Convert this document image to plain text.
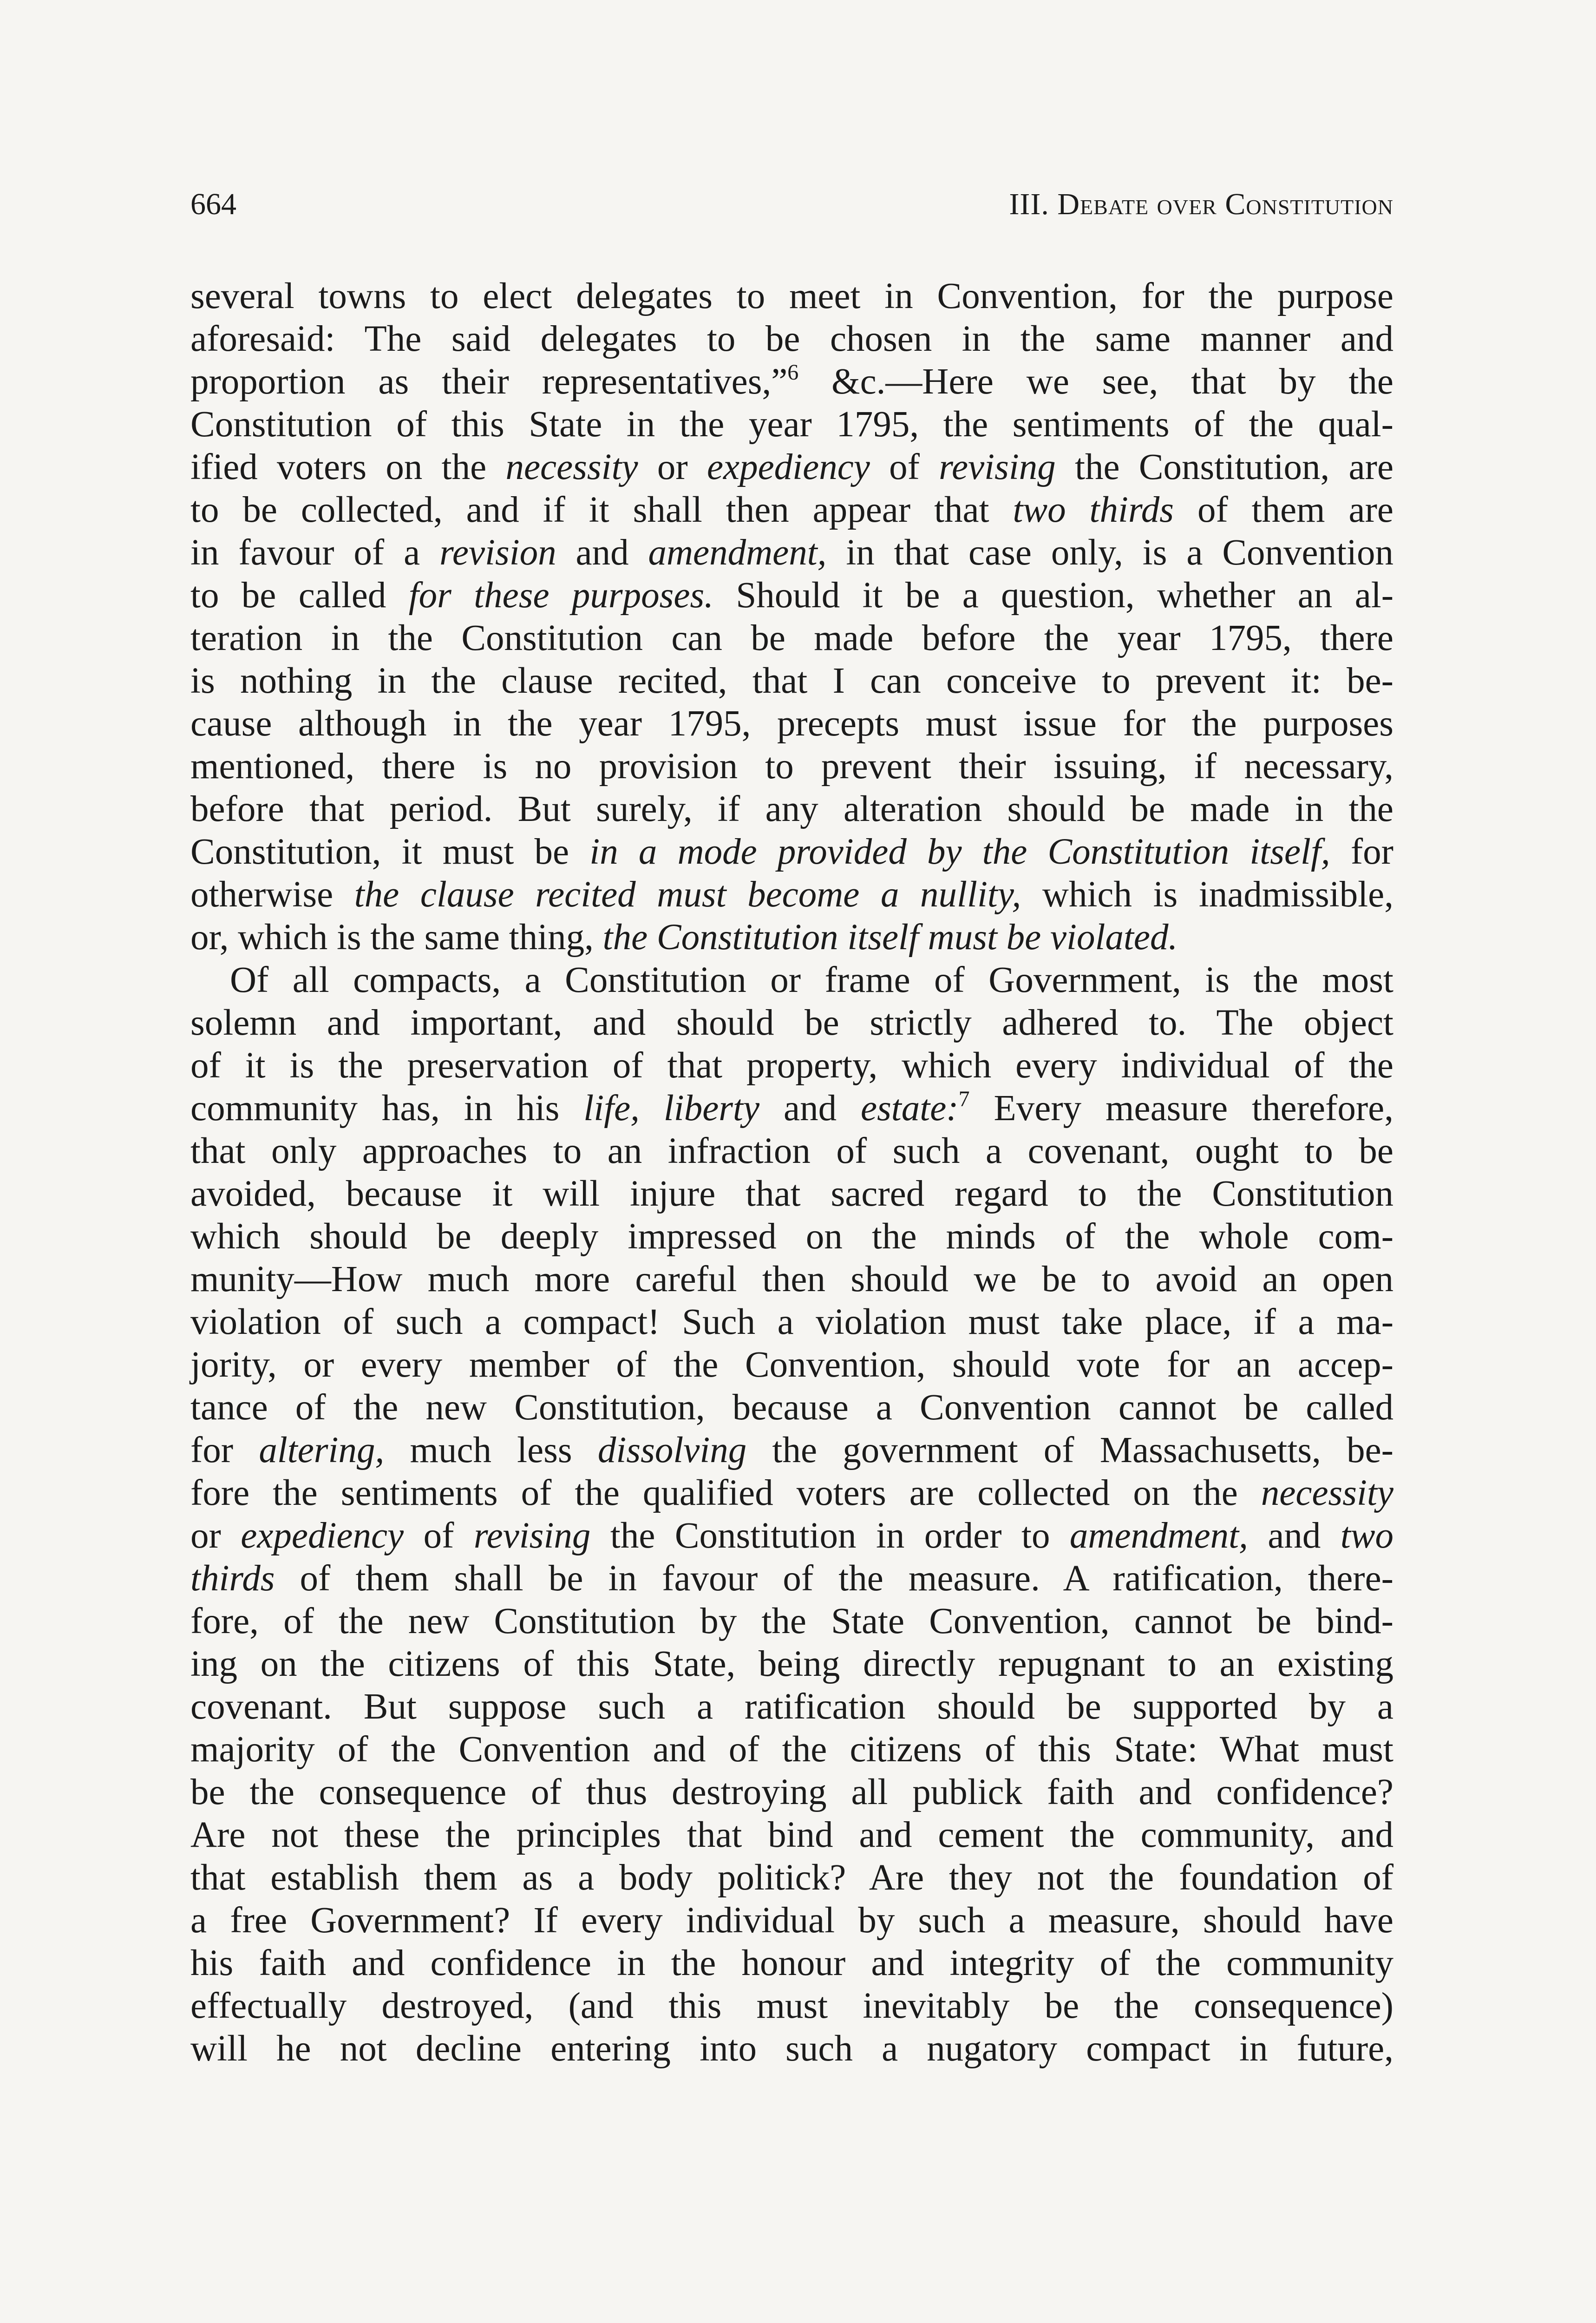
664	III. Debate over Constitution
several towns to elect delegates to meet in Convention, for the purpose
aforesaid: The said delegates to be chosen in the same manner and
proportion as their representatives,”$^6$ &c.—Here we see, that by the
Constitution of this State in the year 1795, the sentiments of the qual-
ified voters on the necessity or expediency of revising the Constitution, are
to be collected, and if it shall then appear that two thirds of them are
in favour of a revision and amendment, in that case only, is a Convention
to be called for these purposes. Should it be a question, whether an al-
teration in the Constitution can be made before the year 1795, there
is nothing in the clause recited, that I can conceive to prevent it: be-
cause although in the year 1795, precepts must issue for the purposes
mentioned, there is no provision to prevent their issuing, if necessary,
before that period. But surely, if any alteration should be made in the
Constitution, it must be in a mode provided by the Constitution itself, for
otherwise the clause recited must become a nullity, which is inadmissible,
or, which is the same thing, the Constitution itself must be violated.
Of all compacts, a Constitution or frame of Government, is the most
solemn and important, and should be strictly adhered to. The object
of it is the preservation of that property, which every individual of the
community has, in his life, liberty and estate:$^7$ Every measure therefore,
that only approaches to an infraction of such a covenant, ought to be
avoided, because it will injure that sacred regard to the Constitution
which should be deeply impressed on the minds of the whole com-
munity—How much more careful then should we be to avoid an open
violation of such a compact! Such a violation must take place, if a ma-
jority, or every member of the Convention, should vote for an accep-
tance of the new Constitution, because a Convention cannot be called
for altering, much less dissolving the government of Massachusetts, be-
fore the sentiments of the qualified voters are collected on the necessity
or expediency of revising the Constitution in order to amendment, and two
thirds of them shall be in favour of the measure. A ratification, there-
fore, of the new Constitution by the State Convention, cannot be bind-
ing on the citizens of this State, being directly repugnant to an existing
covenant. But suppose such a ratification should be supported by a
majority of the Convention and of the citizens of this State: What must
be the consequence of thus destroying all publick faith and confidence?
Are not these the principles that bind and cement the community, and
that establish them as a body politick? Are they not the foundation of
a free Government? If every individual by such a measure, should have
his faith and confidence in the honour and integrity of the community
effectually destroyed, (and this must inevitably be the consequence)
will he not decline entering into such a nugatory compact in future,
